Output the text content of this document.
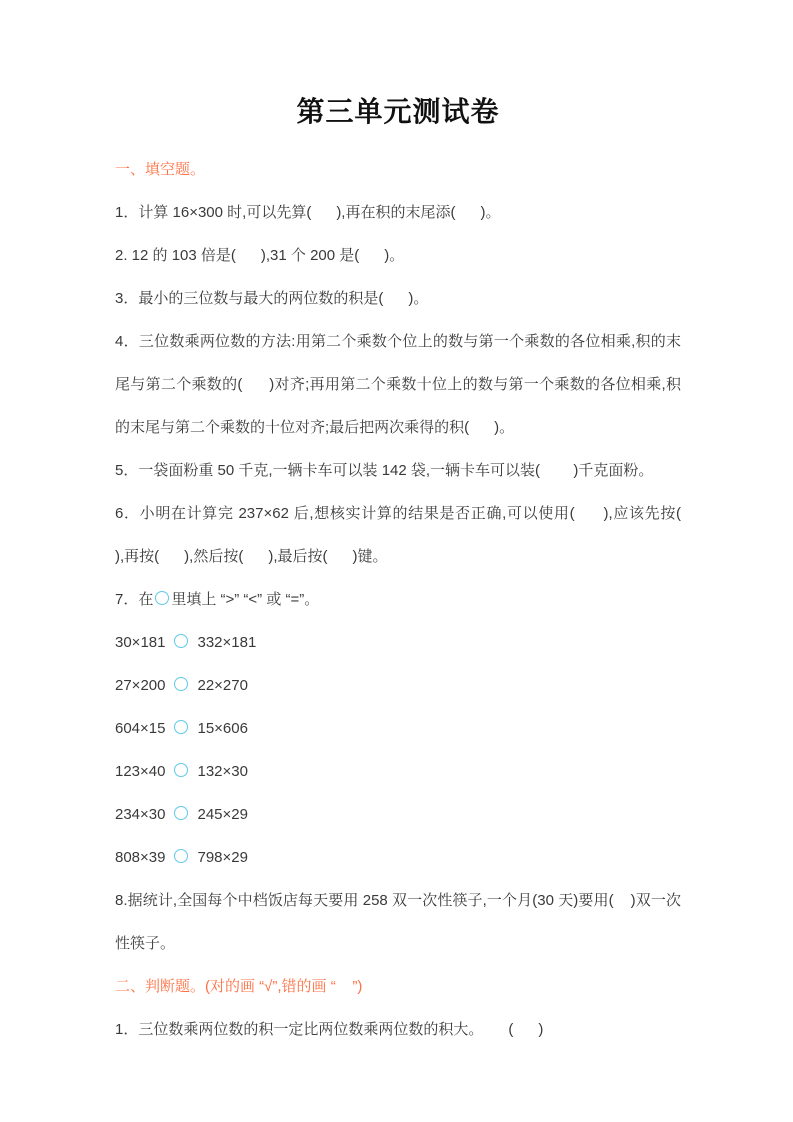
第三单元测试卷

一、填空题。

1．计算 16×300 时,可以先算(      ),再在积的末尾添(      )。

2. 12 的 103 倍是(      ),31 个 200 是(      )。

3．最小的三位数与最大的两位数的积是(      )。

4．三位数乘两位数的方法:用第二个乘数个位上的数与第一个乘数的各位相乘,积的末尾与第二个乘数的(      )对齐;再用第二个乘数十位上的数与第一个乘数的各位相乘,积的末尾与第二个乘数的十位对齐;最后把两次乘得的积(      )。

5．一袋面粉重 50 千克,一辆卡车可以装 142 袋,一辆卡车可以装(        )千克面粉。

6．小明在计算完 237×62 后,想核实计算的结果是否正确,可以使用(      ),应该先按(      ),再按(      ),然后按(      ),最后按(      )键。

7．在 里填上 “>” “<” 或 “=”。

30×181 332×181

27×200 22×270

604×15 15×606

123×40 132×30

234×30 245×29

808×39 798×29

8.据统计,全国每个中档饭店每天要用 258 双一次性筷子,一个月(30 天)要用(    )双一次性筷子。

二、判断题。(对的画 “√”,错的画 “    ”)

1．三位数乘两位数的积一定比两位数乘两位数的积大。      (      )
